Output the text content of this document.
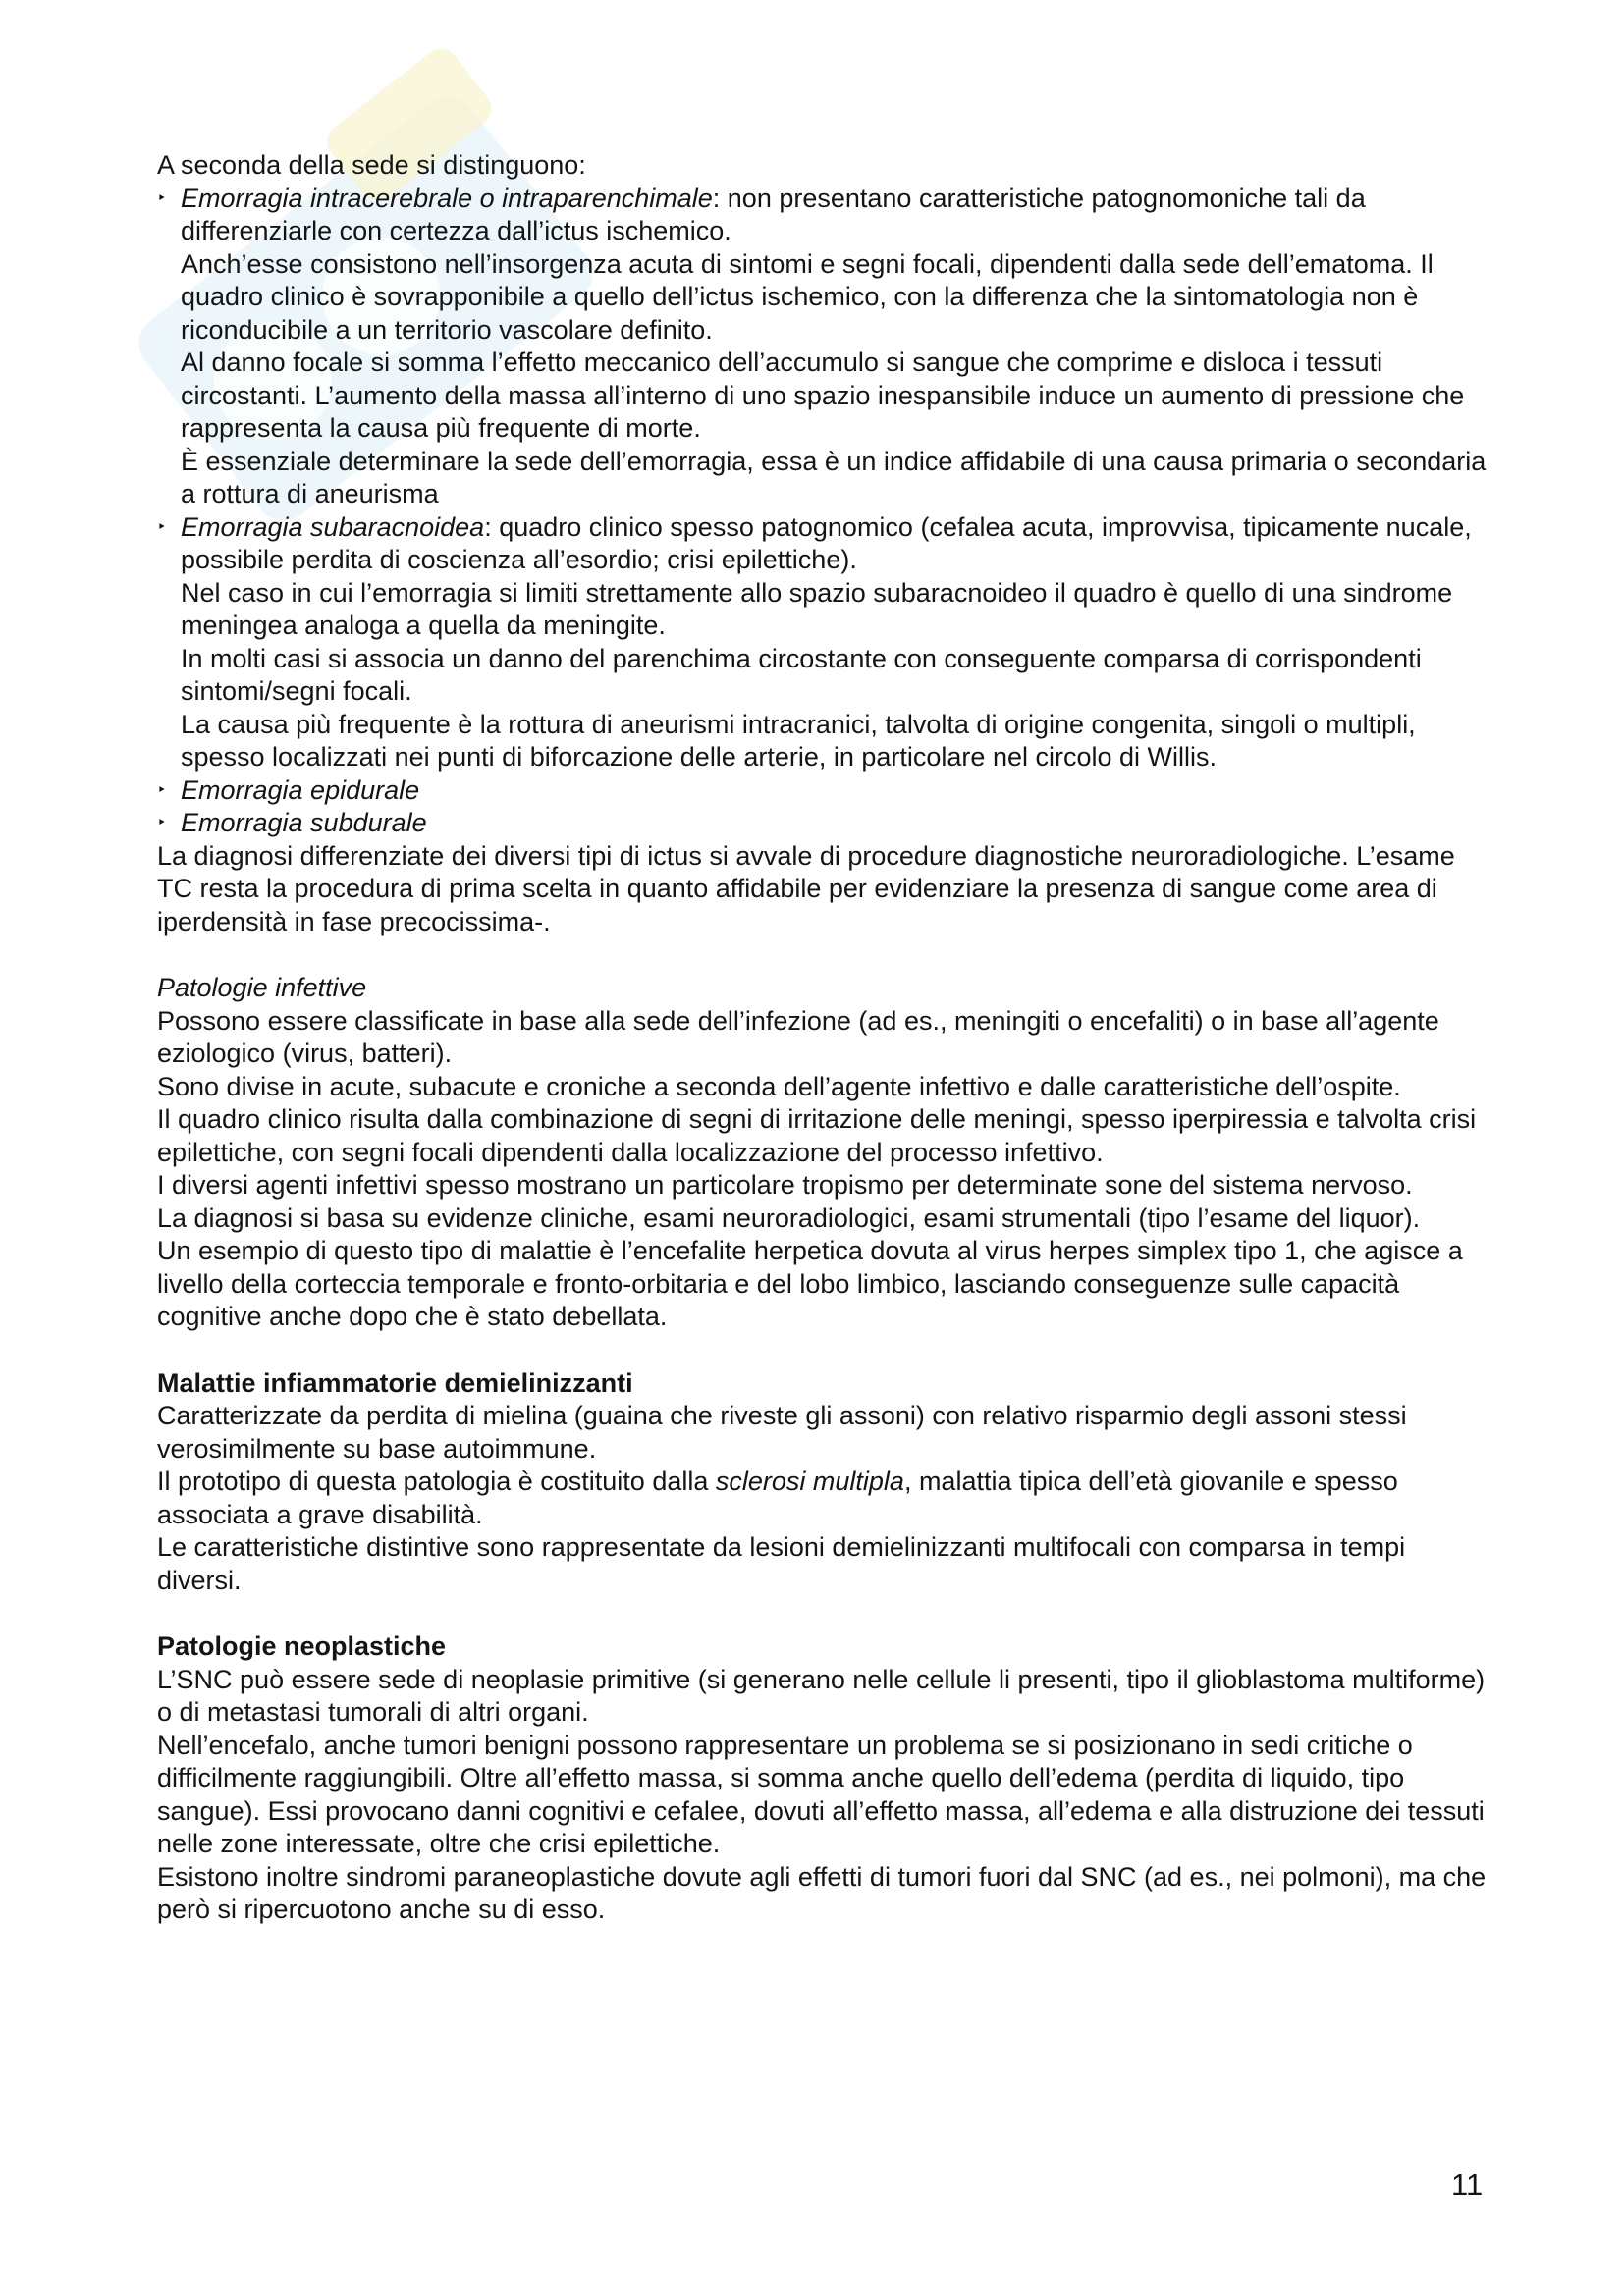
A seconda della sede si distinguono:

‣ Emorragia intracerebrale o intraparenchimale: non presentano caratteristiche patognomoniche tali da differenziarle con certezza dall’ictus ischemico.

Anch’esse consistono nell’insorgenza acuta di sintomi e segni focali, dipendenti dalla sede dell’ematoma. Il quadro clinico è sovrapponibile a quello dell’ictus ischemico, con la differenza che la sintomatologia non è riconducibile a un territorio vascolare definito.

Al danno focale si somma l’effetto meccanico dell’accumulo si sangue che comprime e disloca i tessuti circostanti. L’aumento della massa all’interno di uno spazio inespansibile induce un aumento di pressione che rappresenta la causa più frequente di morte.

È essenziale determinare la sede dell’emorragia, essa è un indice affidabile di una causa primaria o secondaria a rottura di aneurisma

‣ Emorragia subaracnoidea: quadro clinico spesso patognomico (cefalea acuta, improvvisa, tipicamente nucale, possibile perdita di coscienza all’esordio; crisi epilettiche).

Nel caso in cui l’emorragia si limiti strettamente allo spazio subaracnoideo il quadro è quello di una sindrome meningea analoga a quella da meningite.

In molti casi si associa un danno del parenchima circostante con conseguente comparsa di corrispondenti sintomi/segni focali.

La causa più frequente è la rottura di aneurismi intracranici, talvolta di origine congenita, singoli o multipli, spesso localizzati nei punti di biforcazione delle arterie, in particolare nel circolo di Willis.

‣ Emorragia epidurale

‣ Emorragia subdurale

La diagnosi differenziate dei diversi tipi di ictus si avvale di procedure diagnostiche neuroradiologiche. L’esame TC resta la procedura di prima scelta in quanto affidabile per evidenziare la presenza di sangue come area di iperdensità in fase precocissima-.

Patologie infettive

Possono essere classificate in base alla sede dell’infezione (ad es., meningiti o encefaliti) o in base all’agente eziologico (virus, batteri).

Sono divise in acute, subacute e croniche a seconda dell’agente infettivo e dalle caratteristiche dell’ospite.

Il quadro clinico risulta dalla combinazione di segni di irritazione delle meningi, spesso iperpiressia e talvolta crisi epilettiche, con segni focali dipendenti dalla localizzazione del processo infettivo.

I diversi agenti infettivi spesso mostrano un particolare tropismo per determinate sone del sistema nervoso.

La diagnosi si basa su evidenze cliniche, esami neuroradiologici, esami strumentali (tipo l’esame del liquor).

Un esempio di questo tipo di malattie è l’encefalite herpetica dovuta al virus herpes simplex tipo 1, che agisce a livello della corteccia temporale e fronto-orbitaria e del lobo limbico, lasciando conseguenze sulle capacità cognitive anche dopo che è stato debellata.

Malattie infiammatorie demielinizzanti

Caratterizzate da perdita di mielina (guaina che riveste gli assoni) con relativo risparmio degli assoni stessi verosimilmente su base autoimmune.

Il prototipo di questa patologia è costituito dalla sclerosi multipla, malattia tipica dell’età giovanile e spesso associata a grave disabilità.

Le caratteristiche distintive sono rappresentate da lesioni demielinizzanti multifocali con comparsa in tempi diversi.

Patologie neoplastiche

L’SNC può essere sede di neoplasie primitive (si generano nelle cellule li presenti, tipo il glioblastoma multiforme) o di metastasi tumorali di altri organi.

Nell’encefalo, anche tumori benigni possono rappresentare un problema se si posizionano in sedi critiche o difficilmente raggiungibili. Oltre all’effetto massa, si somma anche quello dell’edema (perdita di liquido, tipo sangue). Essi provocano danni cognitivi e cefalee, dovuti all’effetto massa, all’edema e alla distruzione dei tessuti nelle zone interessate, oltre che crisi epilettiche.

Esistono inoltre sindromi paraneoplastiche dovute agli effetti di tumori fuori dal SNC (ad es., nei polmoni), ma che però si ripercuotono anche su di esso.

11
